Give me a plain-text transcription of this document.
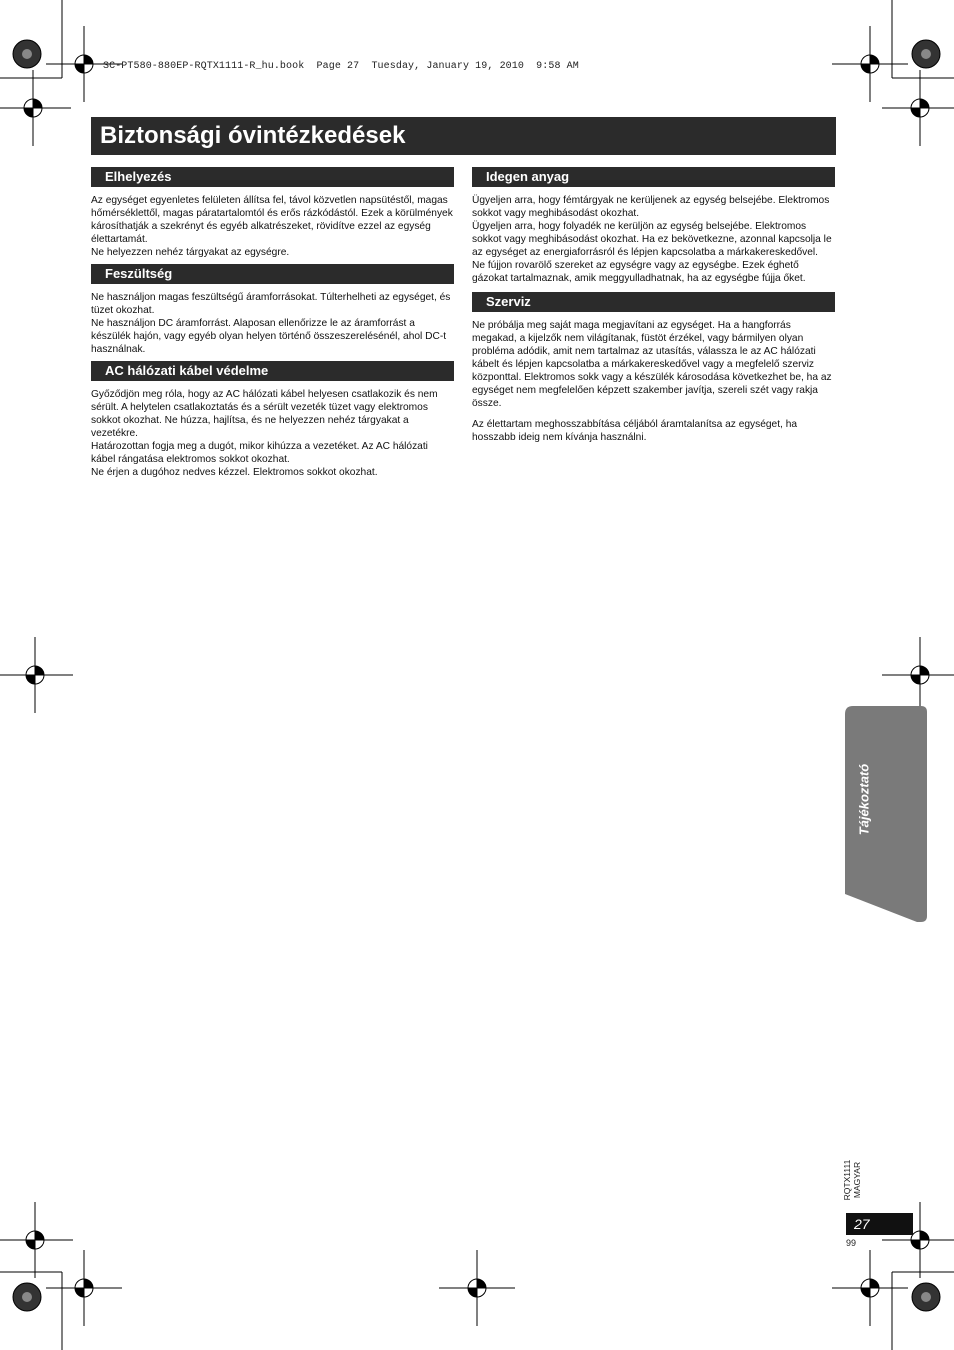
SC-PT580-880EP-RQTX1111-R_hu.book  Page 27  Tuesday, January 19, 2010  9:58 AM
Biztonsági óvintézkedések
Elhelyezés

Az egységet egyenletes felületen állítsa fel, távol közvetlen napsütéstől, magas hőmérséklettől, magas páratartalomtól és erős rázkódástól. Ezek a körülmények károsíthatják a szekrényt és egyéb alkatrészeket, rövidítve ezzel az egység élettartamát.

Ne helyezzen nehéz tárgyakat az egységre.

Feszültség

Ne használjon magas feszültségű áramforrásokat. Túlterhelheti az egységet, és tüzet okozhat.

Ne használjon DC áramforrást. Alaposan ellenőrizze le az áramforrást a készülék hajón, vagy egyéb olyan helyen történő összeszerelésénél, ahol DC-t használnak.

AC hálózati kábel védelme

Győződjön meg róla, hogy az AC hálózati kábel helyesen csatlakozik és nem sérült. A helytelen csatlakoztatás és a sérült vezeték tüzet vagy elektromos sokkot okozhat. Ne húzza, hajlítsa, és ne helyezzen nehéz tárgyakat a vezetékre.

Határozottan fogja meg a dugót, mikor kihúzza a vezetéket. Az AC hálózati kábel rángatása elektromos sokkot okozhat.

Ne érjen a dugóhoz nedves kézzel. Elektromos sokkot okozhat.

Idegen anyag

Ügyeljen arra, hogy fémtárgyak ne kerüljenek az egység belsejébe. Elektromos sokkot vagy meghibásodást okozhat.

Ügyeljen arra, hogy folyadék ne kerüljön az egység belsejébe. Elektromos sokkot vagy meghibásodást okozhat. Ha ez bekövetkezne, azonnal kapcsolja le az egységet az energiaforrásról és lépjen kapcsolatba a márkakereskedővel.

Ne fújjon rovarölő szereket az egységre vagy az egységbe. Ezek éghető gázokat tartalmaznak, amik meggyulladhatnak, ha az egységbe fújja őket.

Szerviz

Ne próbálja meg saját maga megjavítani az egységet. Ha a hangforrás megakad, a kijelzők nem világítanak, füstöt érzékel, vagy bármilyen olyan probléma adódik, amit nem tartalmaz az utasítás, válassza le az AC hálózati kábelt és lépjen kapcsolatba a márkakereskedővel vagy a megfelelő szerviz központtal. Elektromos sokk vagy a készülék károsodása következhet be, ha az egységet nem megfelelően képzett szakember javítja, szereli szét vagy rakja össze.

Az élettartam meghosszabbítása céljából áramtalanítsa az egységet, ha hosszabb ideig nem kívánja használni.

Tájékoztató
RQTX1111 MAGYAR
27
99
